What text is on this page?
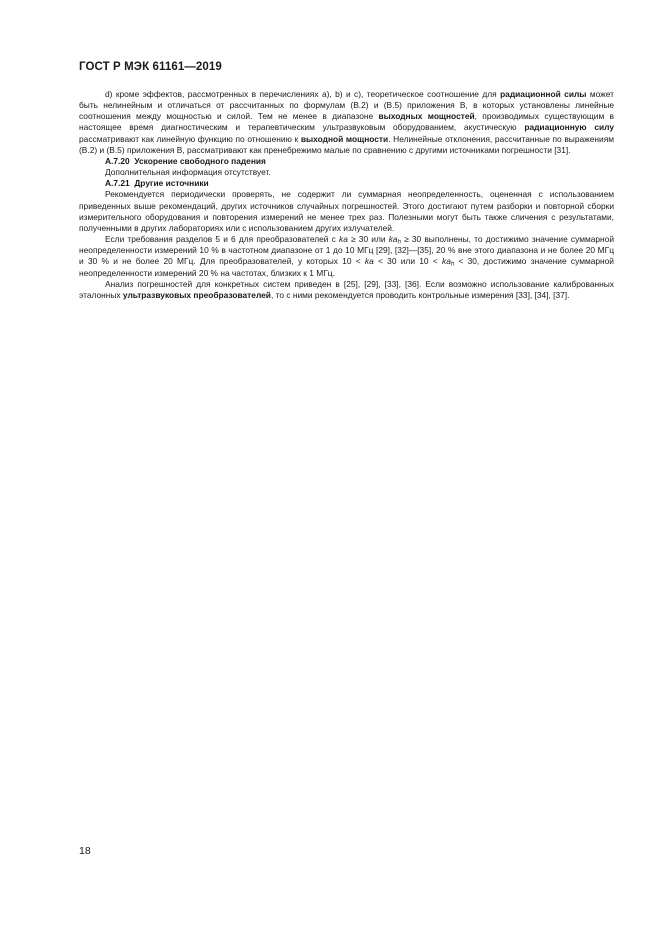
ГОСТ Р МЭК 61161—2019

d) кроме эффектов, рассмотренных в перечислениях a), b) и c), теоретическое соотношение для радиационной силы может быть нелинейным и отличаться от рассчитанных по формулам (B.2) и (B.5) приложения B, в которых установлены линейные соотношения между мощностью и силой. Тем не менее в диапазоне выходных мощностей, производимых существующим в настоящее время диагностическим и терапевтическим ультразвуковым оборудованием, акустическую радиационную силу рассматривают как линейную функцию по отношению к выходной мощности. Нелинейные отклонения, рассчитанные по выражениям (B.2) и (B.5) приложения B, рассматривают как пренебрежимо малые по сравнению с другими источниками погрешности [31].

A.7.20 Ускорение свободного падения

Дополнительная информация отсутствует.

A.7.21 Другие источники

Рекомендуется периодически проверять, не содержит ли суммарная неопределенность, оцененная с использованием приведенных выше рекомендаций, других источников случайных погрешностей. Этого достигают путем разборки и повторной сборки измерительного оборудования и повторения измерений не менее трех раз. Полезными могут быть также сличения с результатами, полученными в других лабораториях или с использованием других излучателей.

Если требования разделов 5 и 6 для преобразователей с ka ≥ 30 или $ka_h \ge 30$ выполнены, то достижимо значение суммарной неопределенности измерений 10 % в частотном диапазоне от 1 до 10 МГц [29], [32]—[35], 20 % вне этого диапазона и не более 20 МГц и 30 % и не более 20 МГц. Для преобразователей, у которых 10 < ka < 30 или $10 < ka_h < 30$, достижимо значение суммарной неопределенности измерений 20 % на частотах, близких к 1 МГц.

Анализ погрешностей для конкретных систем приведен в [25], [29], [33], [36]. Если возможно использование калиброванных эталонных ультразвуковых преобразователей, то с ними рекомендуется проводить контрольные измерения [33], [34], [37].

18
